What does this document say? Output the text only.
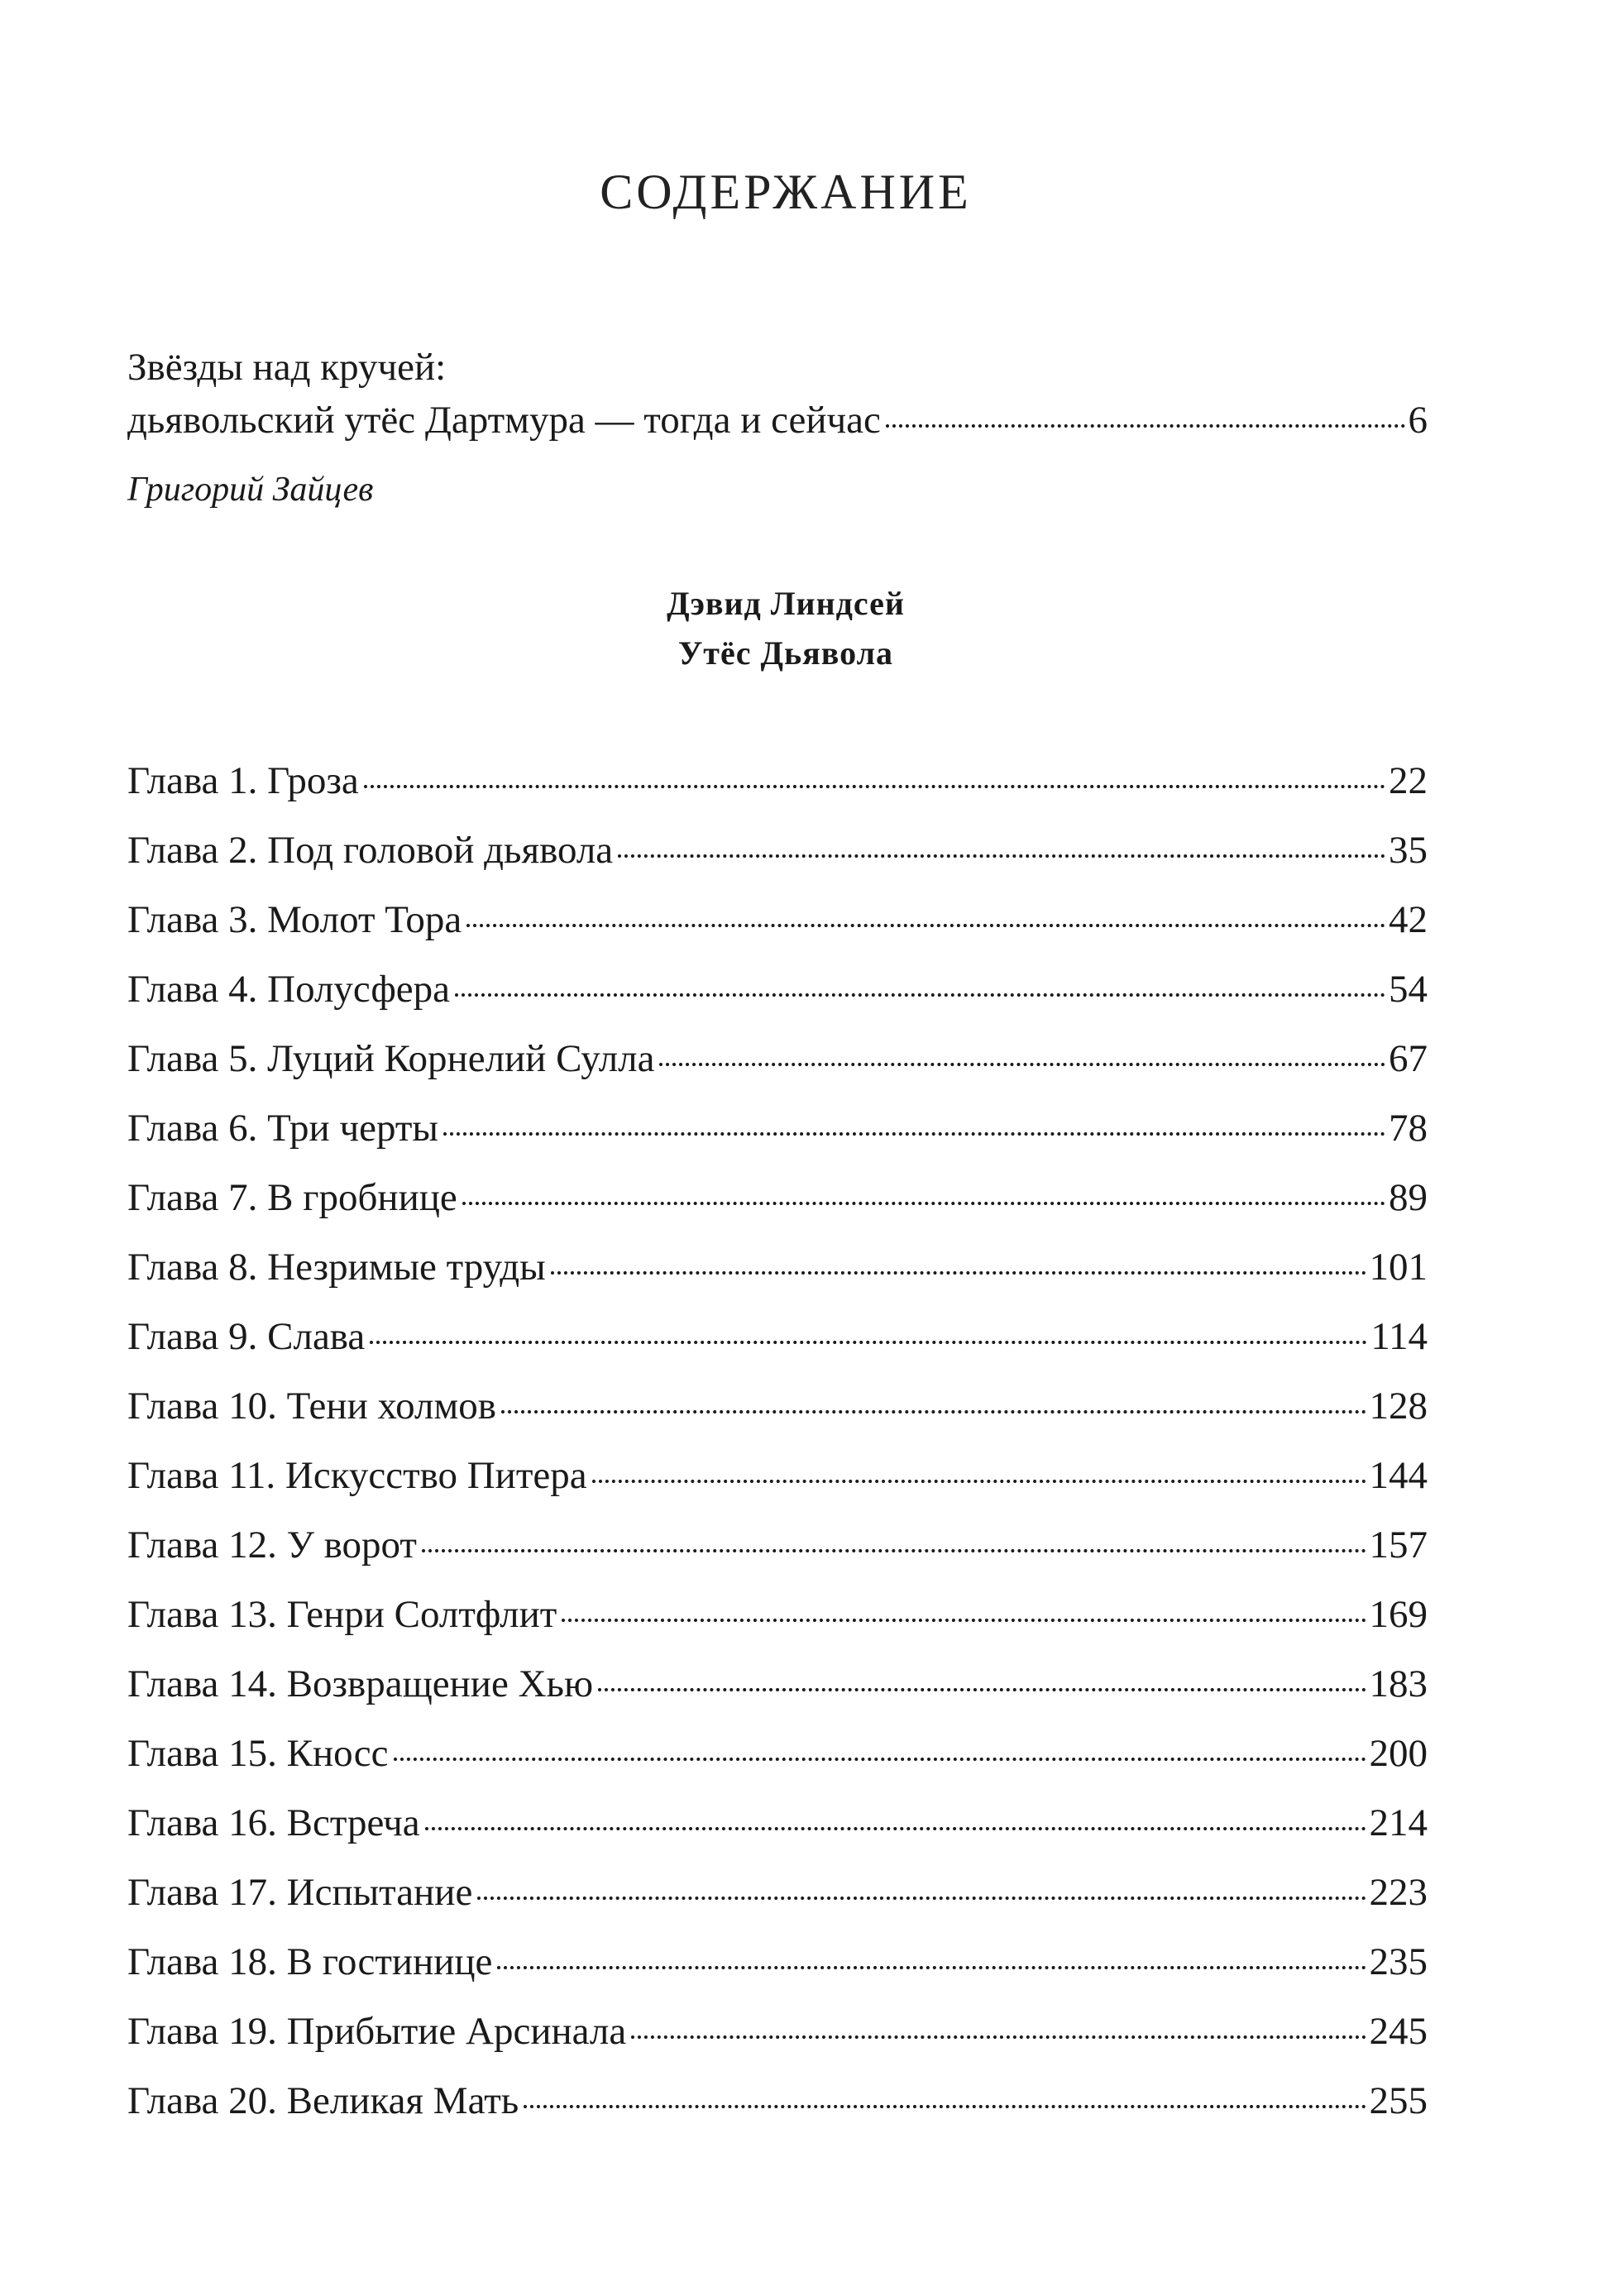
СОДЕРЖАНИЕ
Звёзды над кручей:
дьявольский утёс Дартмура — тогда и сейчас	6
Григорий Зайцев
Дэвид Линдсей
Утёс Дьявола
Глава 1. Гроза	22
Глава 2. Под головой дьявола	35
Глава 3. Молот Тора	42
Глава 4. Полусфера	54
Глава 5. Луций Корнелий Сулла	67
Глава 6. Три черты	78
Глава 7. В гробнице	89
Глава 8. Незримые труды	101
Глава 9. Слава	114
Глава 10. Тени холмов	128
Глава 11. Искусство Питера	144
Глава 12. У ворот	157
Глава 13. Генри Солтфлит	169
Глава 14. Возвращение Хью	183
Глава 15. Кносс	200
Глава 16. Встреча	214
Глава 17. Испытание	223
Глава 18. В гостинице	235
Глава 19. Прибытие Арсинала	245
Глава 20. Великая Мать	255
